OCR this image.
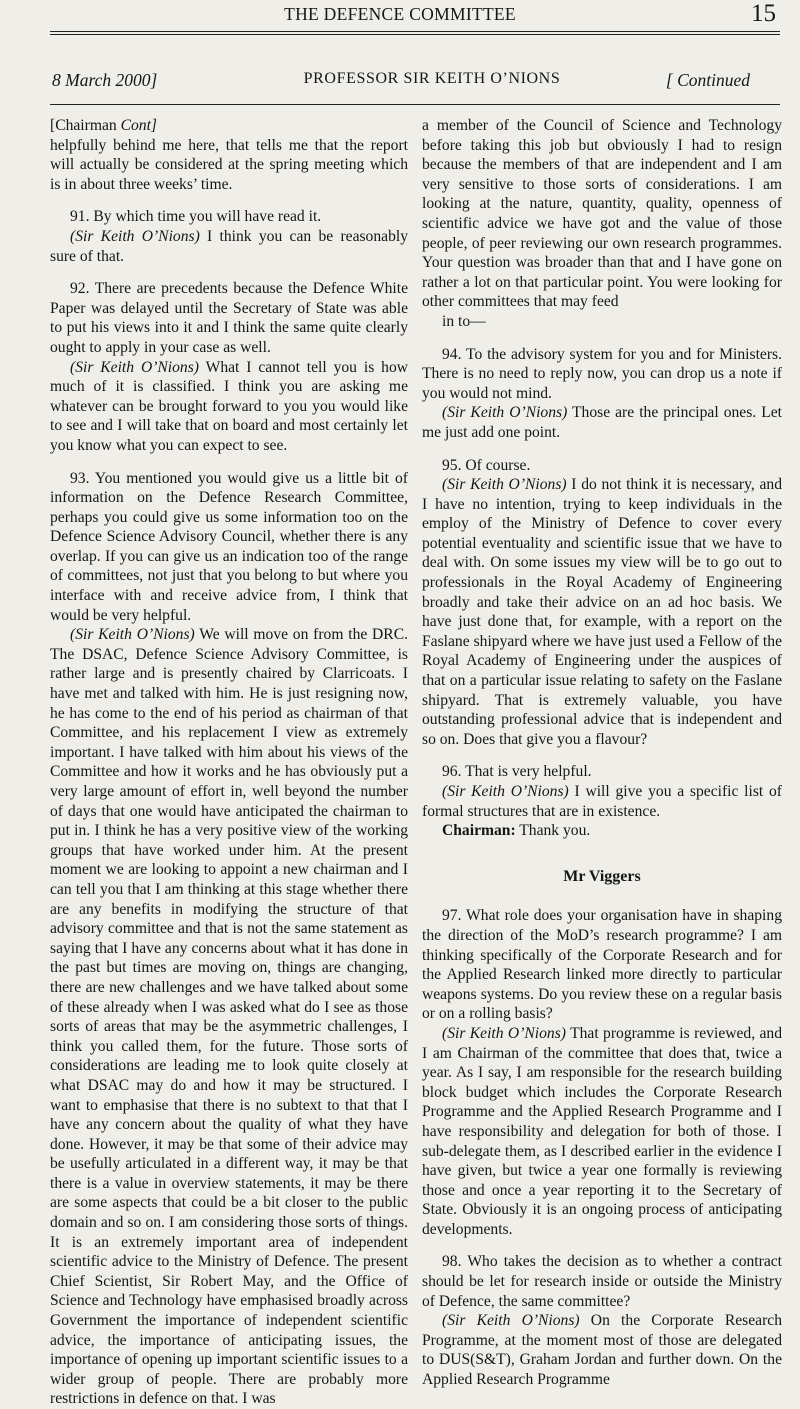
THE DEFENCE COMMITTEE	15
8 March 2000]	PROFESSOR SIR KEITH O’NIONS	[ Continued

[Chairman Cont]

helpfully behind me here, that tells me that the report will actually be considered at the spring meeting which is in about three weeks’ time.

91. By which time you will have read it.

(Sir Keith O’Nions) I think you can be reasonably sure of that.

92. There are precedents because the Defence White Paper was delayed until the Secretary of State was able to put his views into it and I think the same quite clearly ought to apply in your case as well.

(Sir Keith O’Nions) What I cannot tell you is how much of it is classified. I think you are asking me whatever can be brought forward to you you would like to see and I will take that on board and most certainly let you know what you can expect to see.

93. You mentioned you would give us a little bit of information on the Defence Research Committee, perhaps you could give us some information too on the Defence Science Advisory Council, whether there is any overlap. If you can give us an indication too of the range of committees, not just that you belong to but where you interface with and receive advice from, I think that would be very helpful.

(Sir Keith O’Nions) We will move on from the DRC. The DSAC, Defence Science Advisory Committee, is rather large and is presently chaired by Clarricoats. I have met and talked with him. He is just resigning now, he has come to the end of his period as chairman of that Committee, and his replacement I view as extremely important. I have talked with him about his views of the Committee and how it works and he has obviously put a very large amount of effort in, well beyond the number of days that one would have anticipated the chairman to put in. I think he has a very positive view of the working groups that have worked under him. At the present moment we are looking to appoint a new chairman and I can tell you that I am thinking at this stage whether there are any benefits in modifying the structure of that advisory committee and that is not the same statement as saying that I have any concerns about what it has done in the past but times are moving on, things are changing, there are new challenges and we have talked about some of these already when I was asked what do I see as those sorts of areas that may be the asymmetric challenges, I think you called them, for the future. Those sorts of considerations are leading me to look quite closely at what DSAC may do and how it may be structured. I want to emphasise that there is no subtext to that that I have any concern about the quality of what they have done. However, it may be that some of their advice may be usefully articulated in a different way, it may be that there is a value in overview statements, it may be there are some aspects that could be a bit closer to the public domain and so on. I am considering those sorts of things. It is an extremely important area of independent scientific advice to the Ministry of Defence. The present Chief Scientist, Sir Robert May, and the Office of Science and Technology have emphasised broadly across Government the importance of independent scientific advice, the importance of anticipating issues, the importance of opening up important scientific issues to a wider group of people. There are probably more restrictions in defence on that. I was

a member of the Council of Science and Technology before taking this job but obviously I had to resign because the members of that are independent and I am very sensitive to those sorts of considerations. I am looking at the nature, quantity, quality, openness of scientific advice we have got and the value of those people, of peer reviewing our own research programmes. Your question was broader than that and I have gone on rather a lot on that particular point. You were looking for other committees that may feed

in to—

94. To the advisory system for you and for Ministers. There is no need to reply now, you can drop us a note if you would not mind.

(Sir Keith O’Nions) Those are the principal ones. Let me just add one point.

95. Of course.

(Sir Keith O’Nions) I do not think it is necessary, and I have no intention, trying to keep individuals in the employ of the Ministry of Defence to cover every potential eventuality and scientific issue that we have to deal with. On some issues my view will be to go out to professionals in the Royal Academy of Engineering broadly and take their advice on an ad hoc basis. We have just done that, for example, with a report on the Faslane shipyard where we have just used a Fellow of the Royal Academy of Engineering under the auspices of that on a particular issue relating to safety on the Faslane shipyard. That is extremely valuable, you have outstanding professional advice that is independent and so on. Does that give you a flavour?

96. That is very helpful.

(Sir Keith O’Nions) I will give you a specific list of formal structures that are in existence.

Chairman: Thank you.

Mr Viggers

97. What role does your organisation have in shaping the direction of the MoD’s research programme? I am thinking specifically of the Corporate Research and for the Applied Research linked more directly to particular weapons systems. Do you review these on a regular basis or on a rolling basis?

(Sir Keith O’Nions) That programme is reviewed, and I am Chairman of the committee that does that, twice a year. As I say, I am responsible for the research building block budget which includes the Corporate Research Programme and the Applied Research Programme and I have responsibility and delegation for both of those. I sub-delegate them, as I described earlier in the evidence I have given, but twice a year one formally is reviewing those and once a year reporting it to the Secretary of State. Obviously it is an ongoing process of anticipating developments.

98. Who takes the decision as to whether a contract should be let for research inside or outside the Ministry of Defence, the same committee?

(Sir Keith O’Nions) On the Corporate Research Programme, at the moment most of those are delegated to DUS(S&T), Graham Jordan and further down. On the Applied Research Programme
